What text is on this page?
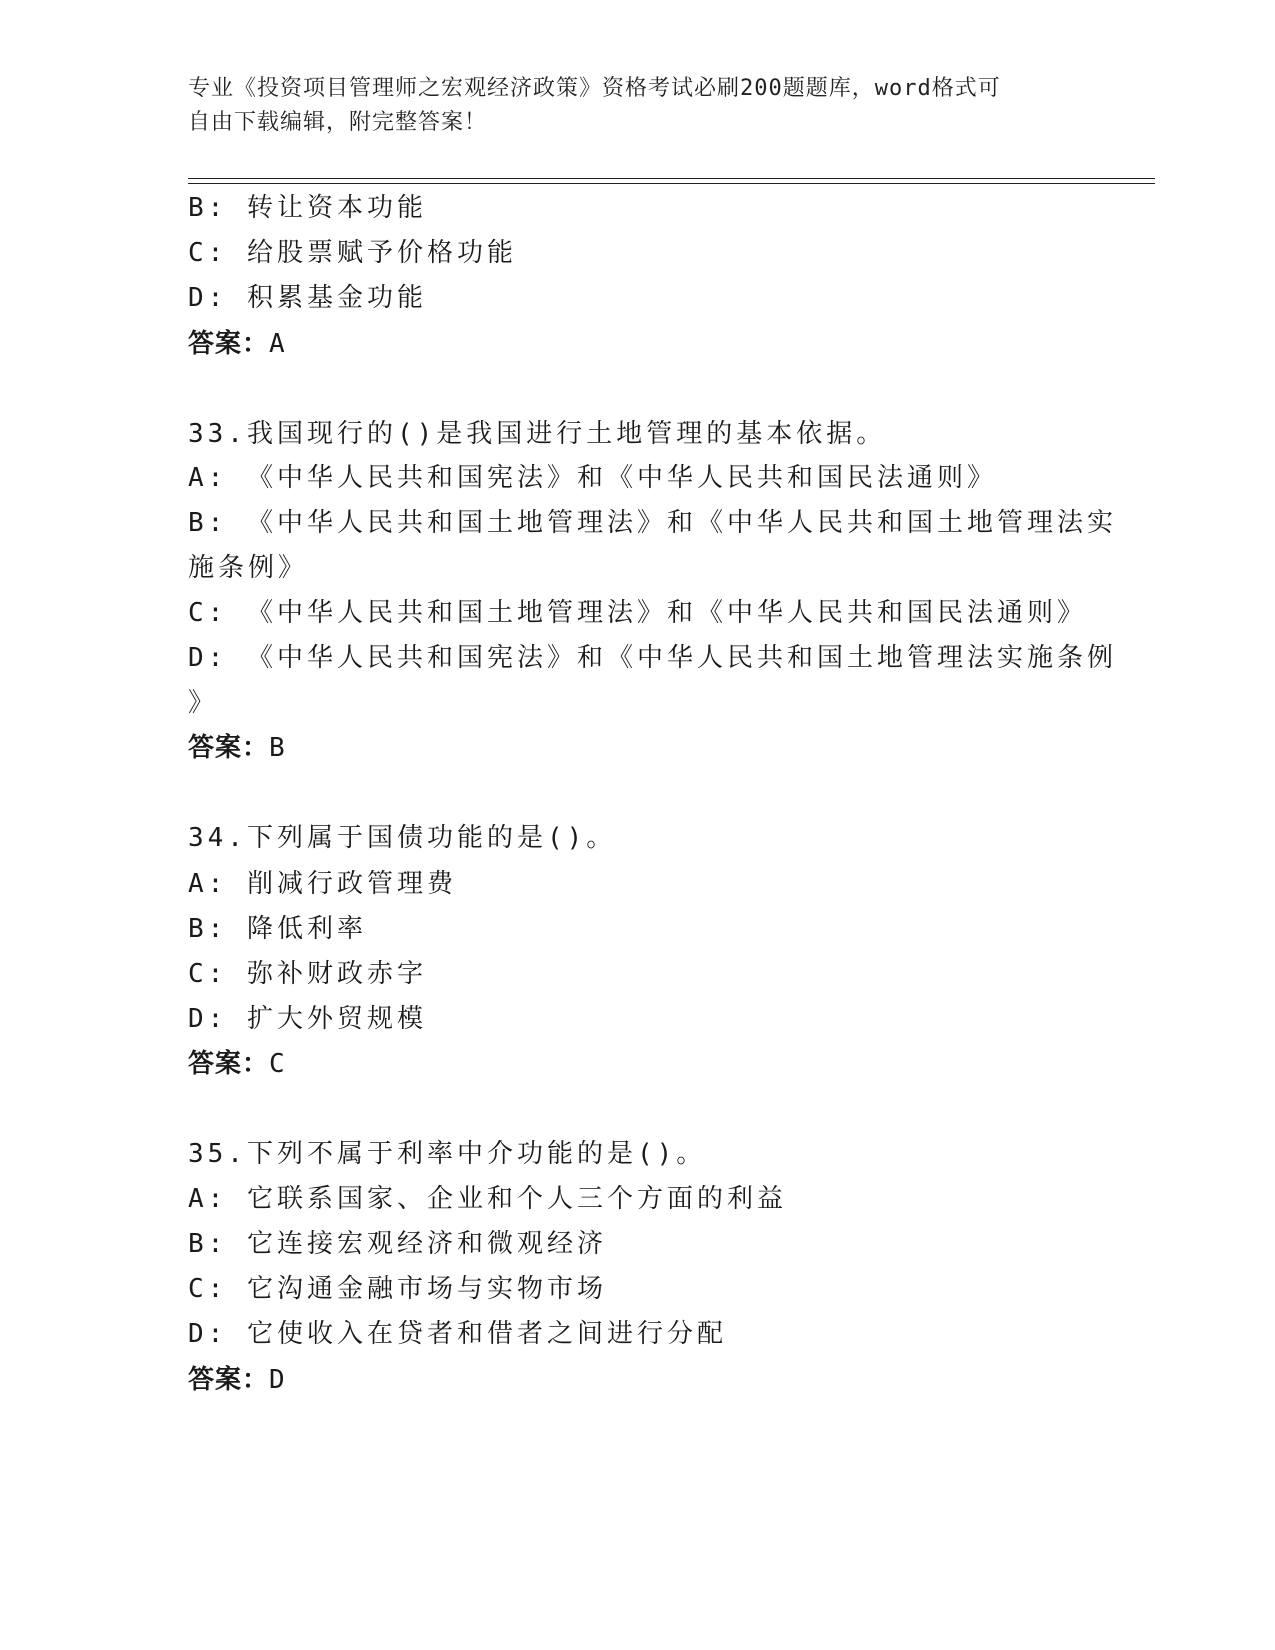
专业《投资项目管理师之宏观经济政策》资格考试必刷200题题库，word格式可
自由下载编辑，附完整答案！
B: 转让资本功能
C: 给股票赋予价格功能
D: 积累基金功能
答案：A
33.我国现行的()是我国进行土地管理的基本依据。
A: 《中华人民共和国宪法》和《中华人民共和国民法通则》
B: 《中华人民共和国土地管理法》和《中华人民共和国土地管理法实
施条例》
C: 《中华人民共和国土地管理法》和《中华人民共和国民法通则》
D: 《中华人民共和国宪法》和《中华人民共和国土地管理法实施条例
》
答案：B
34.下列属于国债功能的是()。
A: 削减行政管理费
B: 降低利率
C: 弥补财政赤字
D: 扩大外贸规模
答案：C
35.下列不属于利率中介功能的是()。
A: 它联系国家、企业和个人三个方面的利益
B: 它连接宏观经济和微观经济
C: 它沟通金融市场与实物市场
D: 它使收入在贷者和借者之间进行分配
答案：D
